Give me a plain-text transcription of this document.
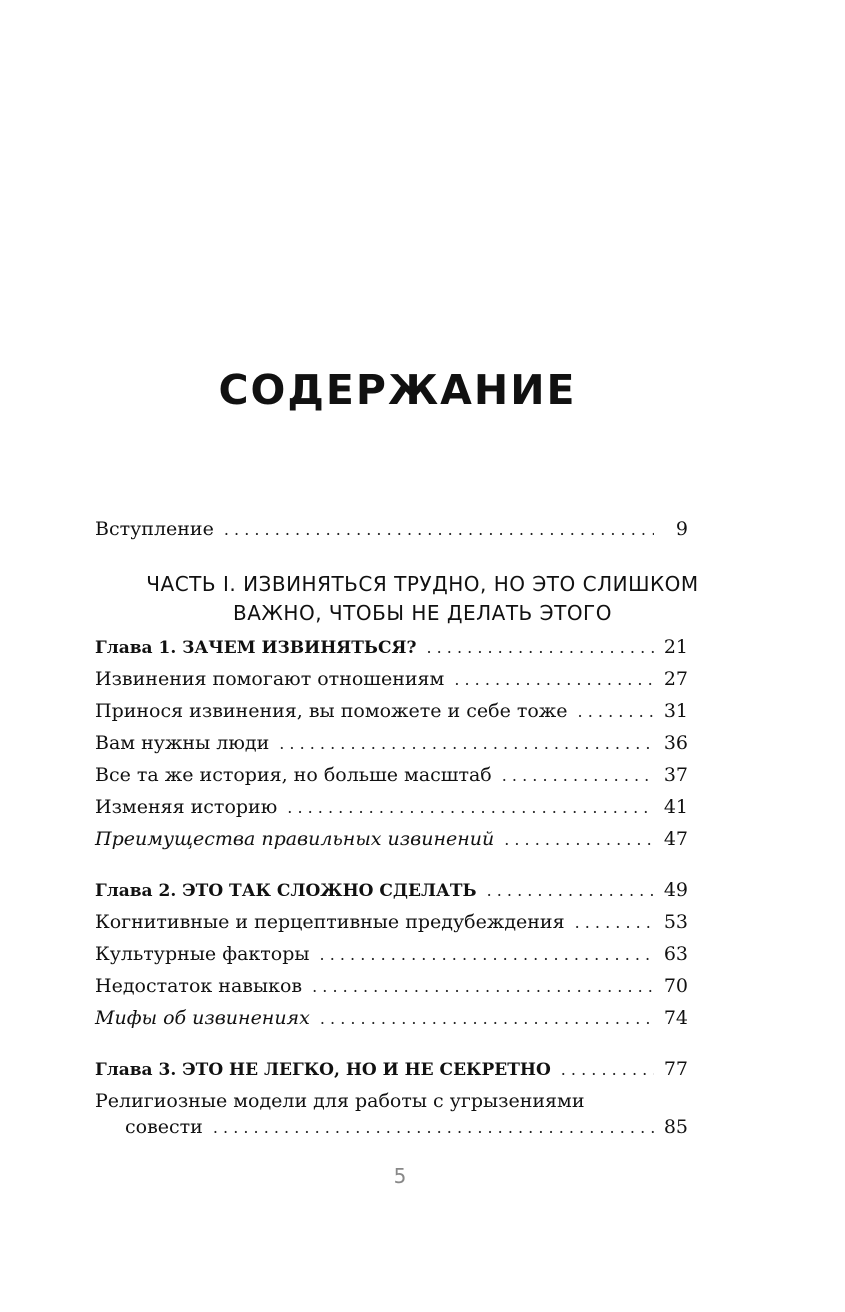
СОДЕРЖАНИЕ
Вступление . . .	9
ЧАСТЬ I. ИЗВИНЯТЬСЯ ТРУДНО, НО ЭТО СЛИШКОМ
ВАЖНО, ЧТОБЫ НЕ ДЕЛАТЬ ЭТОГО
Глава 1. ЗАЧЕМ ИЗВИНЯТЬСЯ? . . .	21
Извинения помогают отношениям . . .	27
Принося извинения, вы поможете и себе тоже . . .	31
Вам нужны люди . . .	36
Все та же история, но больше масштаб . . .	37
Изменяя историю . . .	41
Преимущества правильных извинений . . .	47
Глава 2. ЭТО ТАК СЛОЖНО СДЕЛАТЬ . . .	49
Когнитивные и перцептивные предубеждения . . .	53
Культурные факторы . . .	63
Недостаток навыков . . .	70
Мифы об извинениях . . .	74
Глава 3. ЭТО НЕ ЛЕГКО, НО И НЕ СЕКРЕТНО . . .	77
Религиозные модели для работы с угрызениями
совести . . .	85
5
